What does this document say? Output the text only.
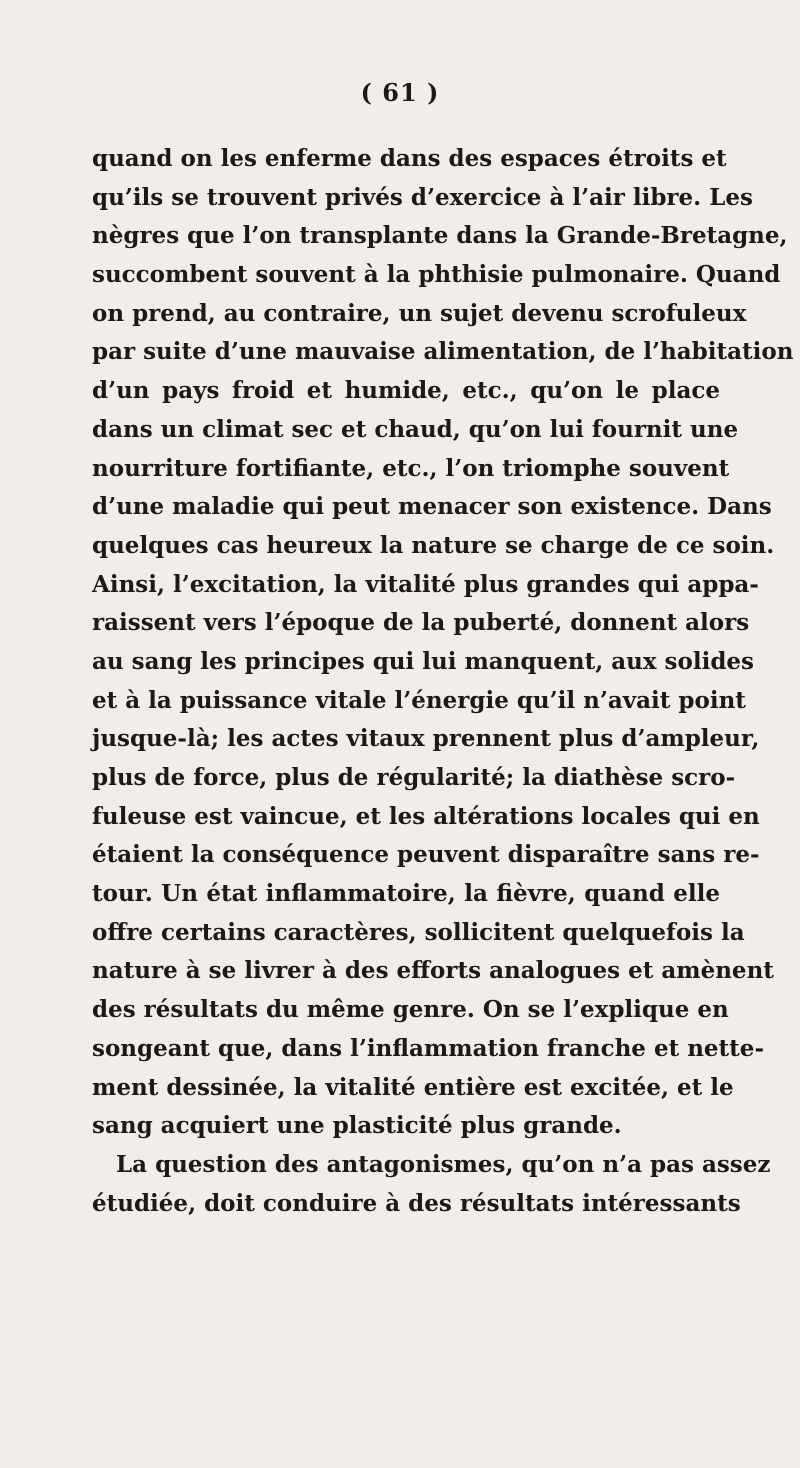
( 61 )
quand on les enferme dans des espaces étroits et
qu’ils se trouvent privés d’exercice à l’air libre. Les
nègres que l’on transplante dans la Grande-Bretagne,
succombent souvent à la phthisie pulmonaire. Quand
on prend, au contraire, un sujet devenu scrofuleux
par suite d’une mauvaise alimentation, de l’habitation
d’un pays froid et humide, etc., qu’on le place
dans un climat sec et chaud, qu’on lui fournit une
nourriture fortifiante, etc., l’on triomphe souvent
d’une maladie qui peut menacer son existence. Dans
quelques cas heureux la nature se charge de ce soin.
Ainsi, l’excitation, la vitalité plus grandes qui appa-
raissent vers l’époque de la puberté, donnent alors
au sang les principes qui lui manquent, aux solides
et à la puissance vitale l’énergie qu’il n’avait point
jusque-là; les actes vitaux prennent plus d’ampleur,
plus de force, plus de régularité; la diathèse scro-
fuleuse est vaincue, et les altérations locales qui en
étaient la conséquence peuvent disparaître sans re-
tour. Un état inflammatoire, la fièvre, quand elle
offre certains caractères, sollicitent quelquefois la
nature à se livrer à des efforts analogues et amènent
des résultats du même genre. On se l’explique en
songeant que, dans l’inflammation franche et nette-
ment dessinée, la vitalité entière est excitée, et le
sang acquiert une plasticité plus grande.
La question des antagonismes, qu’on n’a pas assez
étudiée, doit conduire à des résultats intéressants
